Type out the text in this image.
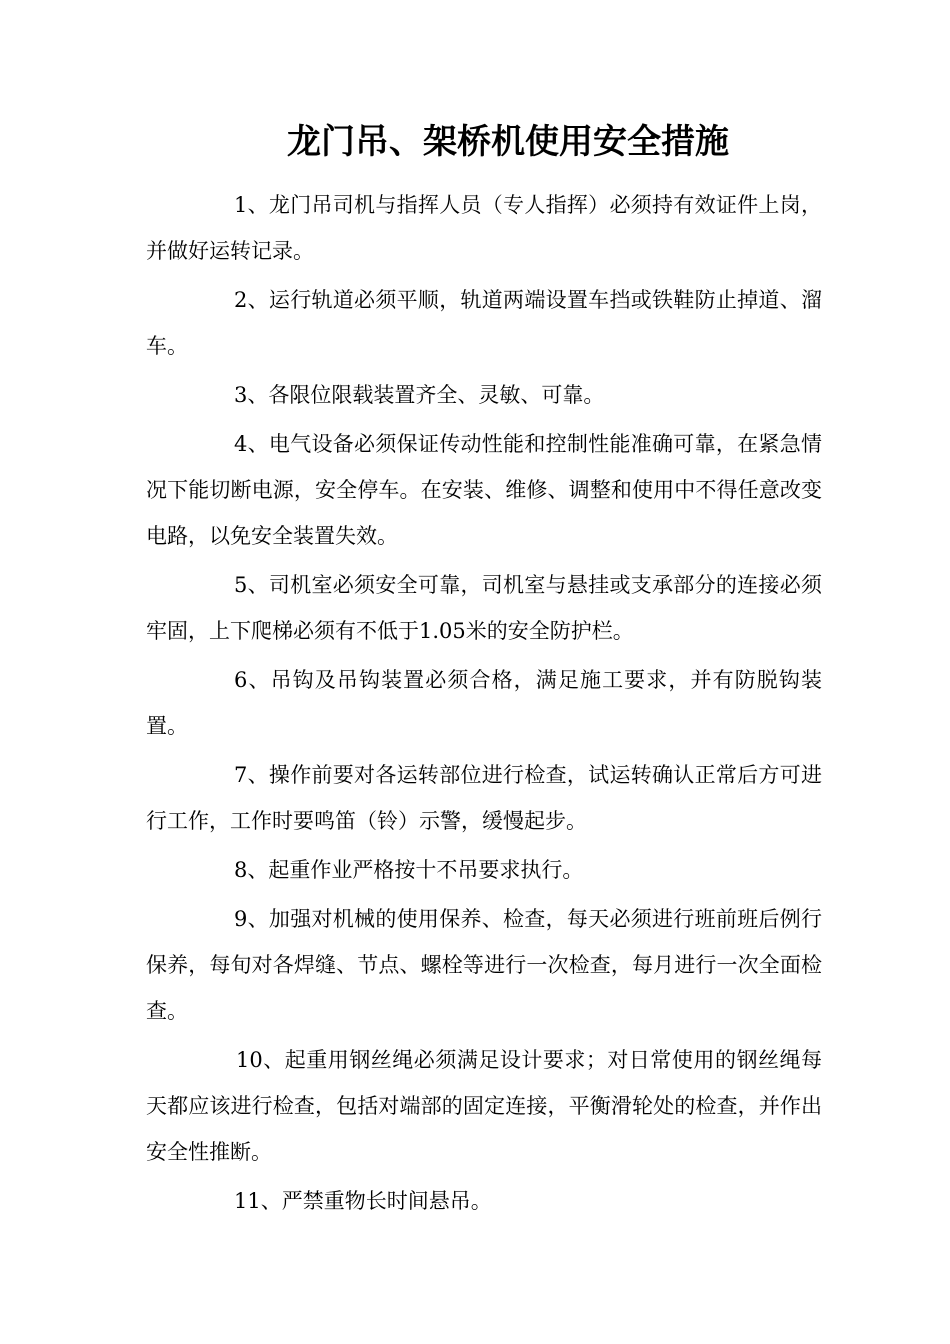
龙门吊、架桥机使用安全措施

1、龙门吊司机与指挥人员（专人指挥）必须持有效证件上岗，并做好运转记录。

2、运行轨道必须平顺，轨道两端设置车挡或铁鞋防止掉道、溜车。

3、各限位限载装置齐全、灵敏、可靠。

4、电气设备必须保证传动性能和控制性能准确可靠，在紧急情况下能切断电源，安全停车。在安装、维修、调整和使用中不得任意改变电路，以免安全装置失效。

5、司机室必须安全可靠，司机室与悬挂或支承部分的连接必须牢固，上下爬梯必须有不低于1.05米的安全防护栏。

6、吊钩及吊钩装置必须合格，满足施工要求，并有防脱钩装置。

7、操作前要对各运转部位进行检查，试运转确认正常后方可进行工作，工作时要鸣笛（铃）示警，缓慢起步。

8、起重作业严格按十不吊要求执行。

9、加强对机械的使用保养、检查，每天必须进行班前班后例行保养，每旬对各焊缝、节点、螺栓等进行一次检查，每月进行一次全面检查。

10、起重用钢丝绳必须满足设计要求；对日常使用的钢丝绳每天都应该进行检查，包括对端部的固定连接，平衡滑轮处的检查，并作出安全性推断。

11、严禁重物长时间悬吊。
